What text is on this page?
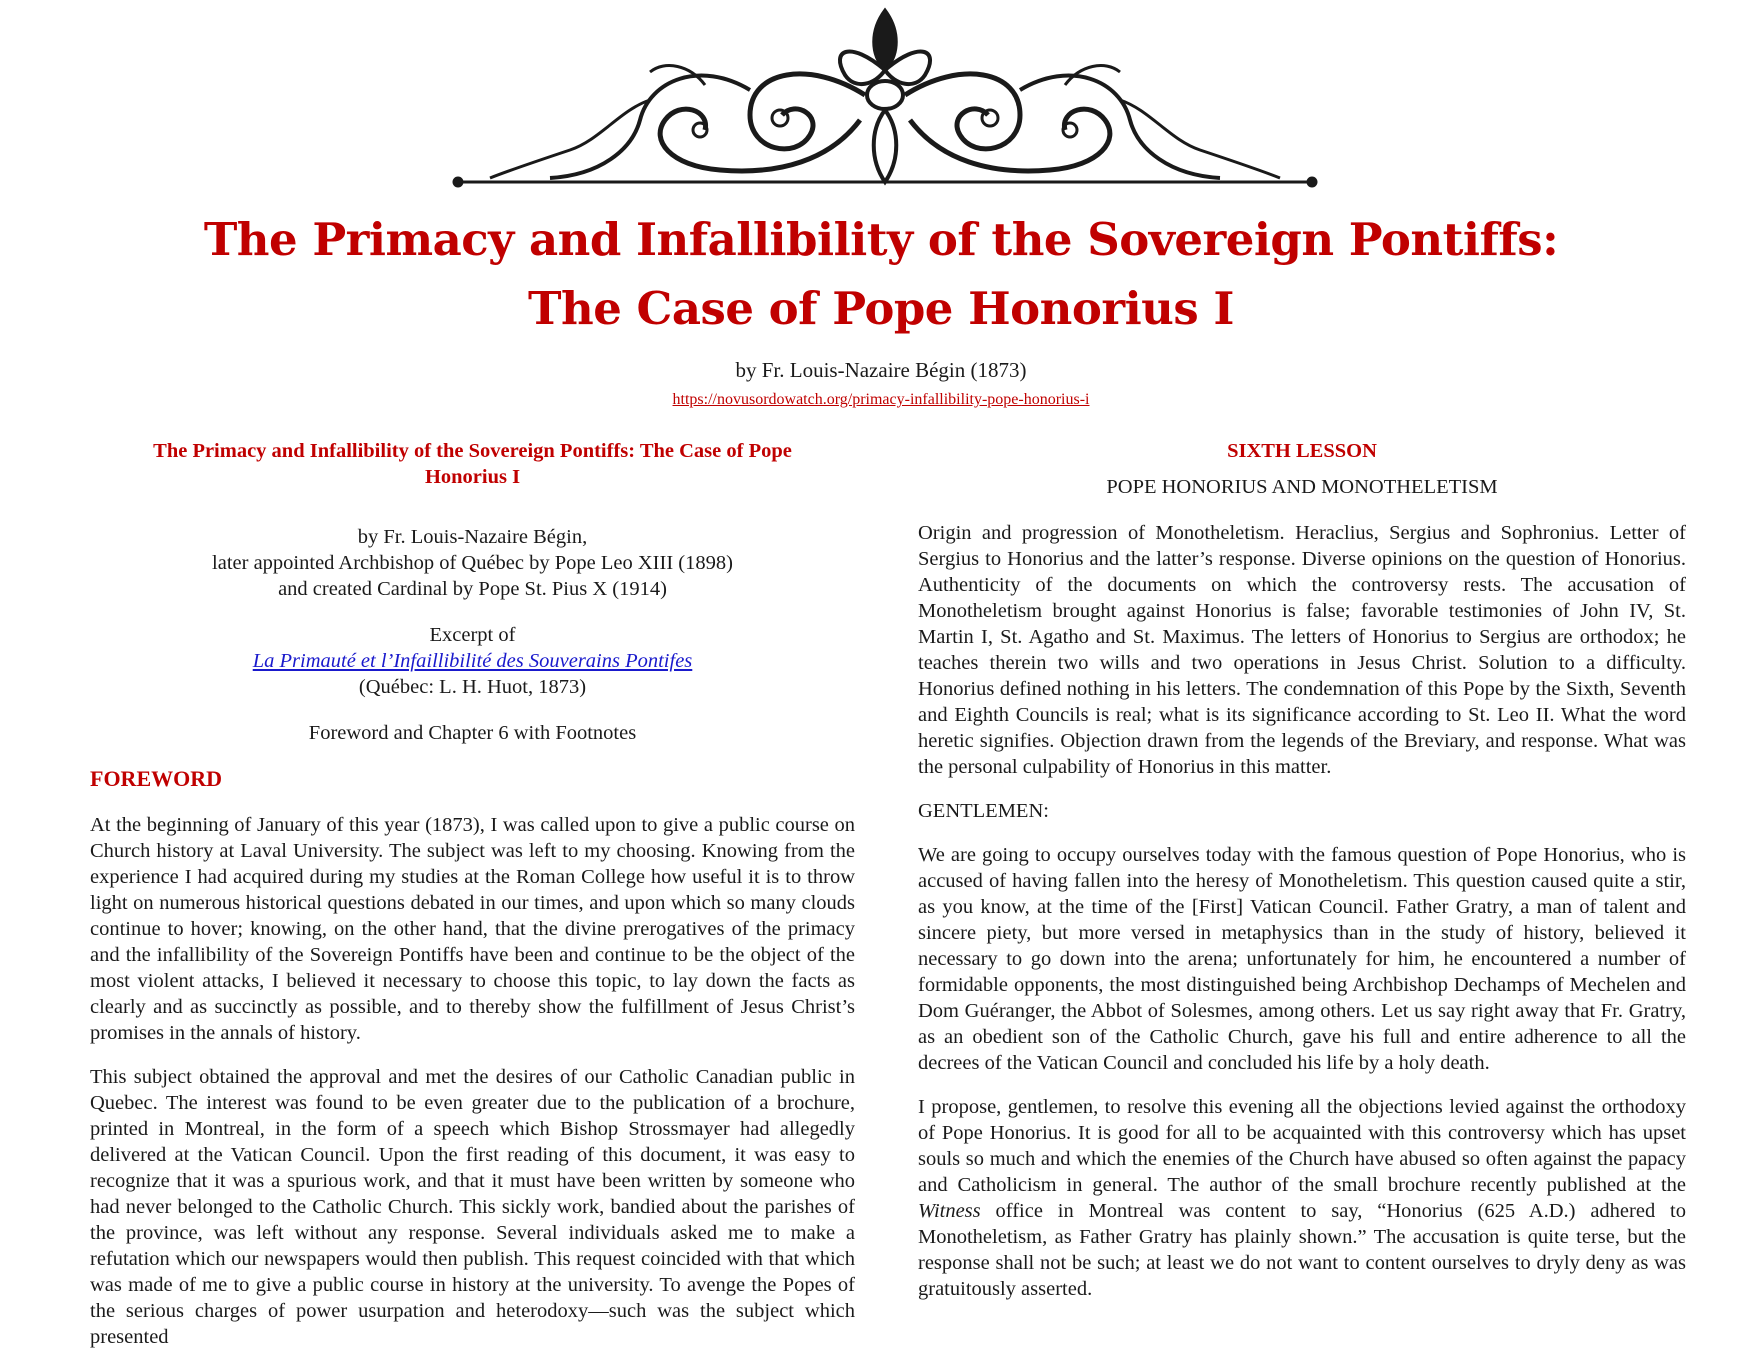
The Primacy and Infallibility of the Sovereign Pontiffs:
The Case of Pope Honorius I
by Fr. Louis-Nazaire Bégin (1873)
https://novusordowatch.org/primacy-infallibility-pope-honorius-i

The Primacy and Infallibility of the Sovereign Pontiffs: The Case of Pope Honorius I

by Fr. Louis-Nazaire Bégin,

later appointed Archbishop of Québec by Pope Leo XIII (1898)

and created Cardinal by Pope St. Pius X (1914)

Excerpt of

La Primauté et l’Infaillibilité des Souverains Pontifes

(Québec: L. H. Huot, 1873)

Foreword and Chapter 6 with Footnotes

FOREWORD

At the beginning of January of this year (1873), I was called upon to give a public course on Church history at Laval University. The subject was left to my choosing. Knowing from the experience I had acquired during my studies at the Roman College how useful it is to throw light on numerous historical questions debated in our times, and upon which so many clouds continue to hover; knowing, on the other hand, that the divine prerogatives of the primacy and the infallibility of the Sovereign Pontiffs have been and continue to be the object of the most violent attacks, I believed it necessary to choose this topic, to lay down the facts as clearly and as succinctly as possible, and to thereby show the fulfillment of Jesus Christ’s promises in the annals of history.

This subject obtained the approval and met the desires of our Catholic Canadian public in Quebec. The interest was found to be even greater due to the publication of a brochure, printed in Montreal, in the form of a speech which Bishop Strossmayer had allegedly delivered at the Vatican Council. Upon the first reading of this document, it was easy to recognize that it was a spurious work, and that it must have been written by someone who had never belonged to the Catholic Church. This sickly work, bandied about the parishes of the province, was left without any response. Several individuals asked me to make a refutation which our newspapers would then publish. This request coincided with that which was made of me to give a public course in history at the university. To avenge the Popes of the serious charges of power usurpation and heterodoxy—such was the subject which presented

SIXTH LESSON

POPE HONORIUS AND MONOTHELETISM

Origin and progression of Monotheletism. Heraclius, Sergius and Sophronius. Letter of Sergius to Honorius and the latter’s response. Diverse opinions on the question of Honorius. Authenticity of the documents on which the controversy rests. The accusation of Monotheletism brought against Honorius is false; favorable testimonies of John IV, St. Martin I, St. Agatho and St. Maximus. The letters of Honorius to Sergius are orthodox; he teaches therein two wills and two operations in Jesus Christ. Solution to a difficulty. Honorius defined nothing in his letters. The condemnation of this Pope by the Sixth, Seventh and Eighth Councils is real; what is its significance according to St. Leo II. What the word heretic signifies. Objection drawn from the legends of the Breviary, and response. What was the personal culpability of Honorius in this matter.

GENTLEMEN:

We are going to occupy ourselves today with the famous question of Pope Honorius, who is accused of having fallen into the heresy of Monotheletism. This question caused quite a stir, as you know, at the time of the [First] Vatican Council. Father Gratry, a man of talent and sincere piety, but more versed in metaphysics than in the study of history, believed it necessary to go down into the arena; unfortunately for him, he encountered a number of formidable opponents, the most distinguished being Archbishop Dechamps of Mechelen and Dom Guéranger, the Abbot of Solesmes, among others. Let us say right away that Fr. Gratry, as an obedient son of the Catholic Church, gave his full and entire adherence to all the decrees of the Vatican Council and concluded his life by a holy death.

I propose, gentlemen, to resolve this evening all the objections levied against the orthodoxy of Pope Honorius. It is good for all to be acquainted with this controversy which has upset souls so much and which the enemies of the Church have abused so often against the papacy and Catholicism in general. The author of the small brochure recently published at the Witness office in Montreal was content to say, “Honorius (625 A.D.) adhered to Monotheletism, as Father Gratry has plainly shown.” The accusation is quite terse, but the response shall not be such; at least we do not want to content ourselves to dryly deny as was gratuitously asserted.
